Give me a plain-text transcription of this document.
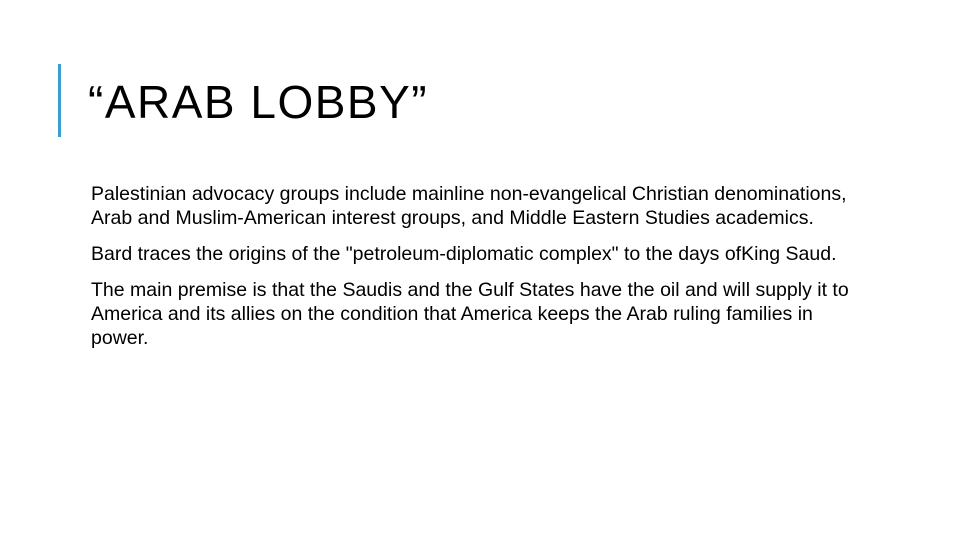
“ARAB LOBBY”

Palestinian advocacy groups include mainline non-evangelical Christian denominations, Arab and Muslim-American interest groups, and Middle Eastern Studies academics.

Bard traces the origins of the "petroleum-diplomatic complex" to the days ofKing Saud.

The main premise is that the Saudis and the Gulf States have the oil and will supply it to America and its allies on the condition that America keeps the Arab ruling families in power.
